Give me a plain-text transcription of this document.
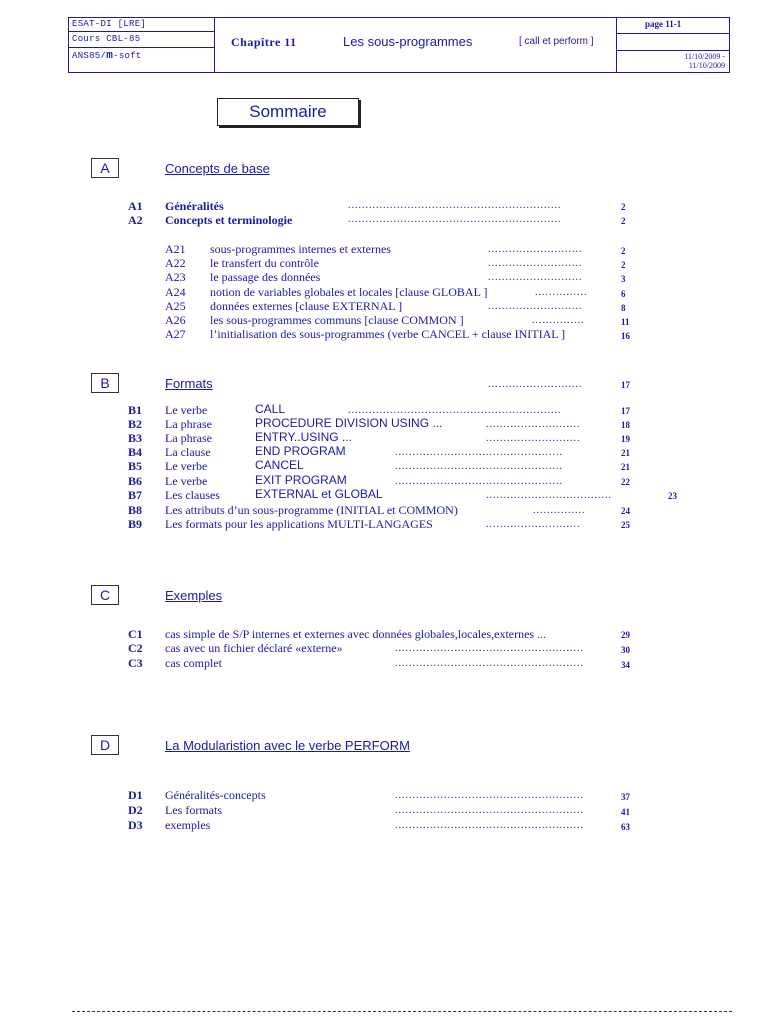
ESAT-DI [LRE]
Cours CBL-85
ANS85/m-soft
Chapître 11	Les sous-programmes	[ call et perform ]
page 11-1
11/10/2009 -
11/10/2009
Sommaire
A	Concepts de base
A1 Généralités	.............................................................	2
A2 Concepts et terminologie	.............................................................	2
A21 sous-programmes internes et externes	...........................	2
A22 le transfert du contrôle	...........................	2
A23 le passage des données	...........................	3
A24 notion de variables globales et locales [clause GLOBAL ]	...............	6
A25 données externes [clause EXTERNAL ]	...........................	8
A26 les sous-programmes communs [clause COMMON ]	...............	11
A27 l’initialisation des sous-programmes (verbe CANCEL + clause INITIAL ]	16
B	Formats	...........................	17
B1 Le verbe	CALL	.............................................................	17
B2 La phrase	PROCEDURE DIVISION USING ...	...........................	18
B3 La phrase	ENTRY..USING ...	...........................	19
B4 La clause	END PROGRAM	................................................	21
B5 Le verbe	CANCEL	................................................	21
B6 Le verbe	EXIT PROGRAM	................................................	22
B7 Les clauses	EXTERNAL et GLOBAL	....................................	23
B8 Les attributs d’un sous-programme (INITIAL et COMMON)	...............	24
B9 Les formats pour les applications MULTI-LANGAGES	...........................	25
C	Exemples
C1 cas simple de S/P internes et externes avec données globales,locales,externes ...	29
C2 cas avec un fichier déclaré «externe»	......................................................	30
C3 cas complet	......................................................	34
D	La Modularistion avec le verbe PERFORM
D1 Généralités-concepts	......................................................	37
D2 Les formats	......................................................	41
D3 exemples	......................................................	63
